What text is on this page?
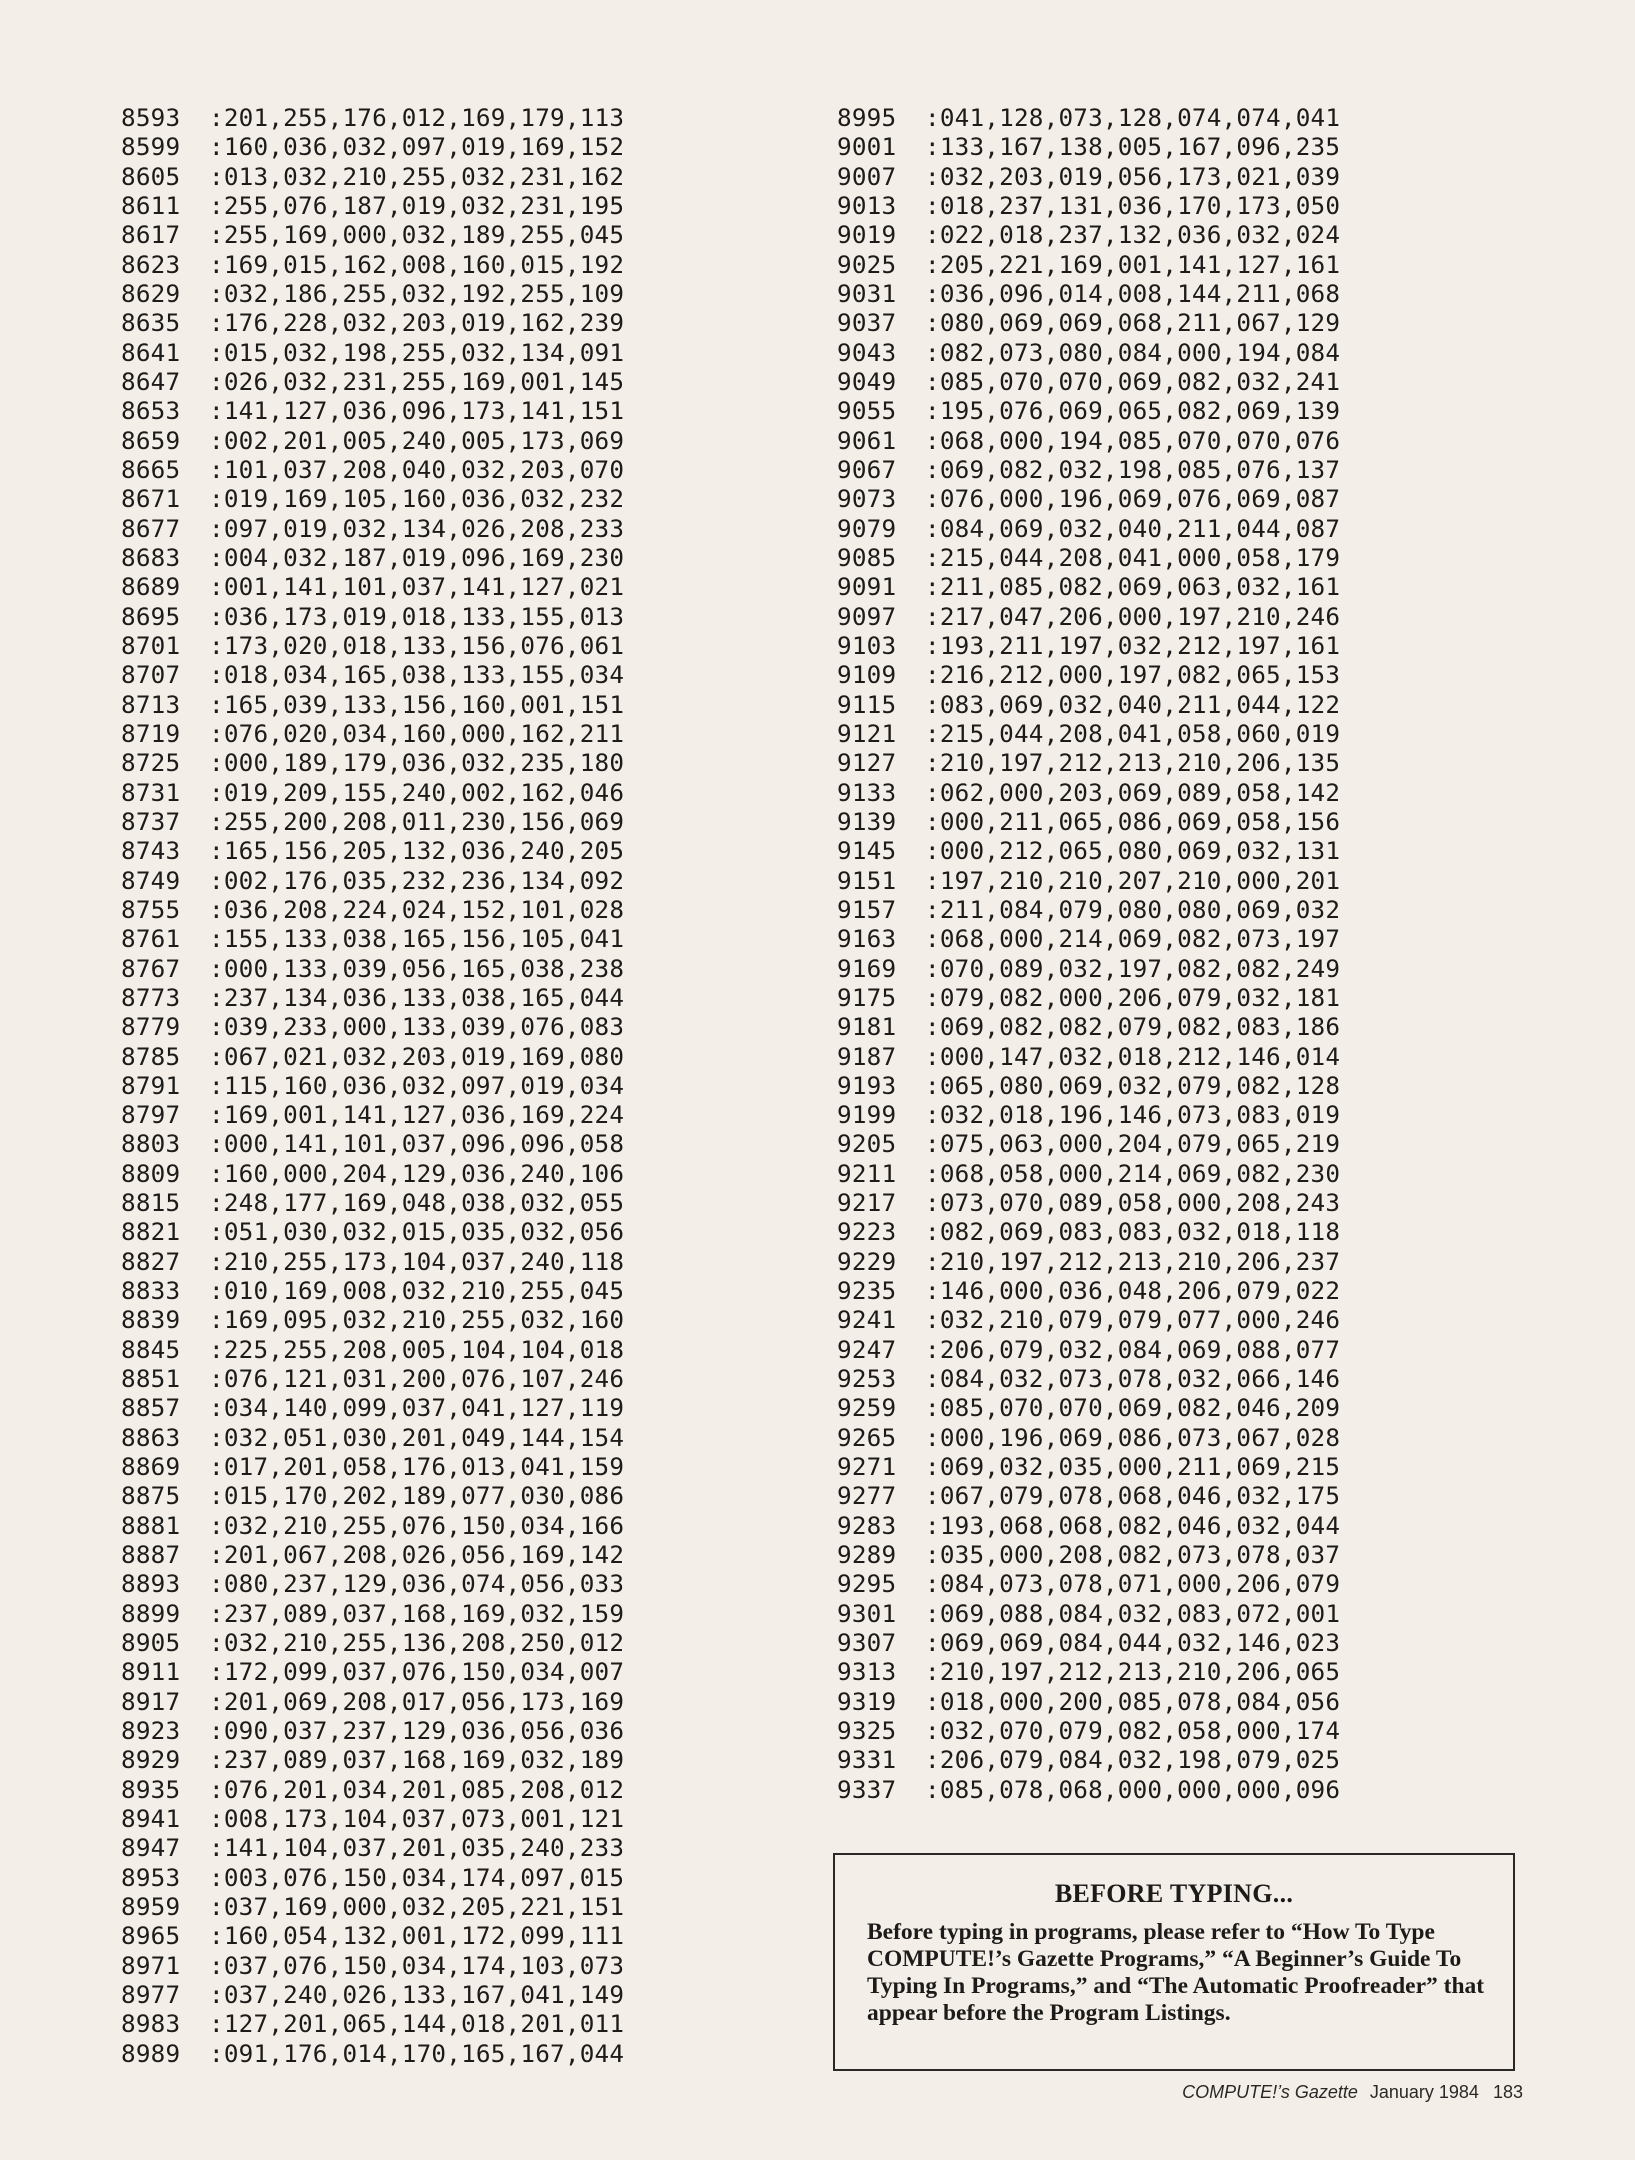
8593 :201,255,176,012,169,179,113
8599 :160,036,032,097,019,169,152
8605 :013,032,210,255,032,231,162
8611 :255,076,187,019,032,231,195
8617 :255,169,000,032,189,255,045
8623 :169,015,162,008,160,015,192
8629 :032,186,255,032,192,255,109
8635 :176,228,032,203,019,162,239
8641 :015,032,198,255,032,134,091
8647 :026,032,231,255,169,001,145
8653 :141,127,036,096,173,141,151
8659 :002,201,005,240,005,173,069
8665 :101,037,208,040,032,203,070
8671 :019,169,105,160,036,032,232
8677 :097,019,032,134,026,208,233
8683 :004,032,187,019,096,169,230
8689 :001,141,101,037,141,127,021
8695 :036,173,019,018,133,155,013
8701 :173,020,018,133,156,076,061
8707 :018,034,165,038,133,155,034
8713 :165,039,133,156,160,001,151
8719 :076,020,034,160,000,162,211
8725 :000,189,179,036,032,235,180
8731 :019,209,155,240,002,162,046
8737 :255,200,208,011,230,156,069
8743 :165,156,205,132,036,240,205
8749 :002,176,035,232,236,134,092
8755 :036,208,224,024,152,101,028
8761 :155,133,038,165,156,105,041
8767 :000,133,039,056,165,038,238
8773 :237,134,036,133,038,165,044
8779 :039,233,000,133,039,076,083
8785 :067,021,032,203,019,169,080
8791 :115,160,036,032,097,019,034
8797 :169,001,141,127,036,169,224
8803 :000,141,101,037,096,096,058
8809 :160,000,204,129,036,240,106
8815 :248,177,169,048,038,032,055
8821 :051,030,032,015,035,032,056
8827 :210,255,173,104,037,240,118
8833 :010,169,008,032,210,255,045
8839 :169,095,032,210,255,032,160
8845 :225,255,208,005,104,104,018
8851 :076,121,031,200,076,107,246
8857 :034,140,099,037,041,127,119
8863 :032,051,030,201,049,144,154
8869 :017,201,058,176,013,041,159
8875 :015,170,202,189,077,030,086
8881 :032,210,255,076,150,034,166
8887 :201,067,208,026,056,169,142
8893 :080,237,129,036,074,056,033
8899 :237,089,037,168,169,032,159
8905 :032,210,255,136,208,250,012
8911 :172,099,037,076,150,034,007
8917 :201,069,208,017,056,173,169
8923 :090,037,237,129,036,056,036
8929 :237,089,037,168,169,032,189
8935 :076,201,034,201,085,208,012
8941 :008,173,104,037,073,001,121
8947 :141,104,037,201,035,240,233
8953 :003,076,150,034,174,097,015
8959 :037,169,000,032,205,221,151
8965 :160,054,132,001,172,099,111
8971 :037,076,150,034,174,103,073
8977 :037,240,026,133,167,041,149
8983 :127,201,065,144,018,201,011
8989 :091,176,014,170,165,167,044
8995 :041,128,073,128,074,074,041
9001 :133,167,138,005,167,096,235
9007 :032,203,019,056,173,021,039
9013 :018,237,131,036,170,173,050
9019 :022,018,237,132,036,032,024
9025 :205,221,169,001,141,127,161
9031 :036,096,014,008,144,211,068
9037 :080,069,069,068,211,067,129
9043 :082,073,080,084,000,194,084
9049 :085,070,070,069,082,032,241
9055 :195,076,069,065,082,069,139
9061 :068,000,194,085,070,070,076
9067 :069,082,032,198,085,076,137
9073 :076,000,196,069,076,069,087
9079 :084,069,032,040,211,044,087
9085 :215,044,208,041,000,058,179
9091 :211,085,082,069,063,032,161
9097 :217,047,206,000,197,210,246
9103 :193,211,197,032,212,197,161
9109 :216,212,000,197,082,065,153
9115 :083,069,032,040,211,044,122
9121 :215,044,208,041,058,060,019
9127 :210,197,212,213,210,206,135
9133 :062,000,203,069,089,058,142
9139 :000,211,065,086,069,058,156
9145 :000,212,065,080,069,032,131
9151 :197,210,210,207,210,000,201
9157 :211,084,079,080,080,069,032
9163 :068,000,214,069,082,073,197
9169 :070,089,032,197,082,082,249
9175 :079,082,000,206,079,032,181
9181 :069,082,082,079,082,083,186
9187 :000,147,032,018,212,146,014
9193 :065,080,069,032,079,082,128
9199 :032,018,196,146,073,083,019
9205 :075,063,000,204,079,065,219
9211 :068,058,000,214,069,082,230
9217 :073,070,089,058,000,208,243
9223 :082,069,083,083,032,018,118
9229 :210,197,212,213,210,206,237
9235 :146,000,036,048,206,079,022
9241 :032,210,079,079,077,000,246
9247 :206,079,032,084,069,088,077
9253 :084,032,073,078,032,066,146
9259 :085,070,070,069,082,046,209
9265 :000,196,069,086,073,067,028
9271 :069,032,035,000,211,069,215
9277 :067,079,078,068,046,032,175
9283 :193,068,068,082,046,032,044
9289 :035,000,208,082,073,078,037
9295 :084,073,078,071,000,206,079
9301 :069,088,084,032,083,072,001
9307 :069,069,084,044,032,146,023
9313 :210,197,212,213,210,206,065
9319 :018,000,200,085,078,084,056
9325 :032,070,079,082,058,000,174
9331 :206,079,084,032,198,079,025
9337 :085,078,068,000,000,000,096
BEFORE TYPING...
Before typing in programs, please refer to “How To Type COMPUTE!’s Gazette Programs,” “A Beginner’s Guide To Typing In Programs,” and “The Automatic Proofreader” that appear before the Program Listings.
COMPUTE!’s Gazette January 1984 183
